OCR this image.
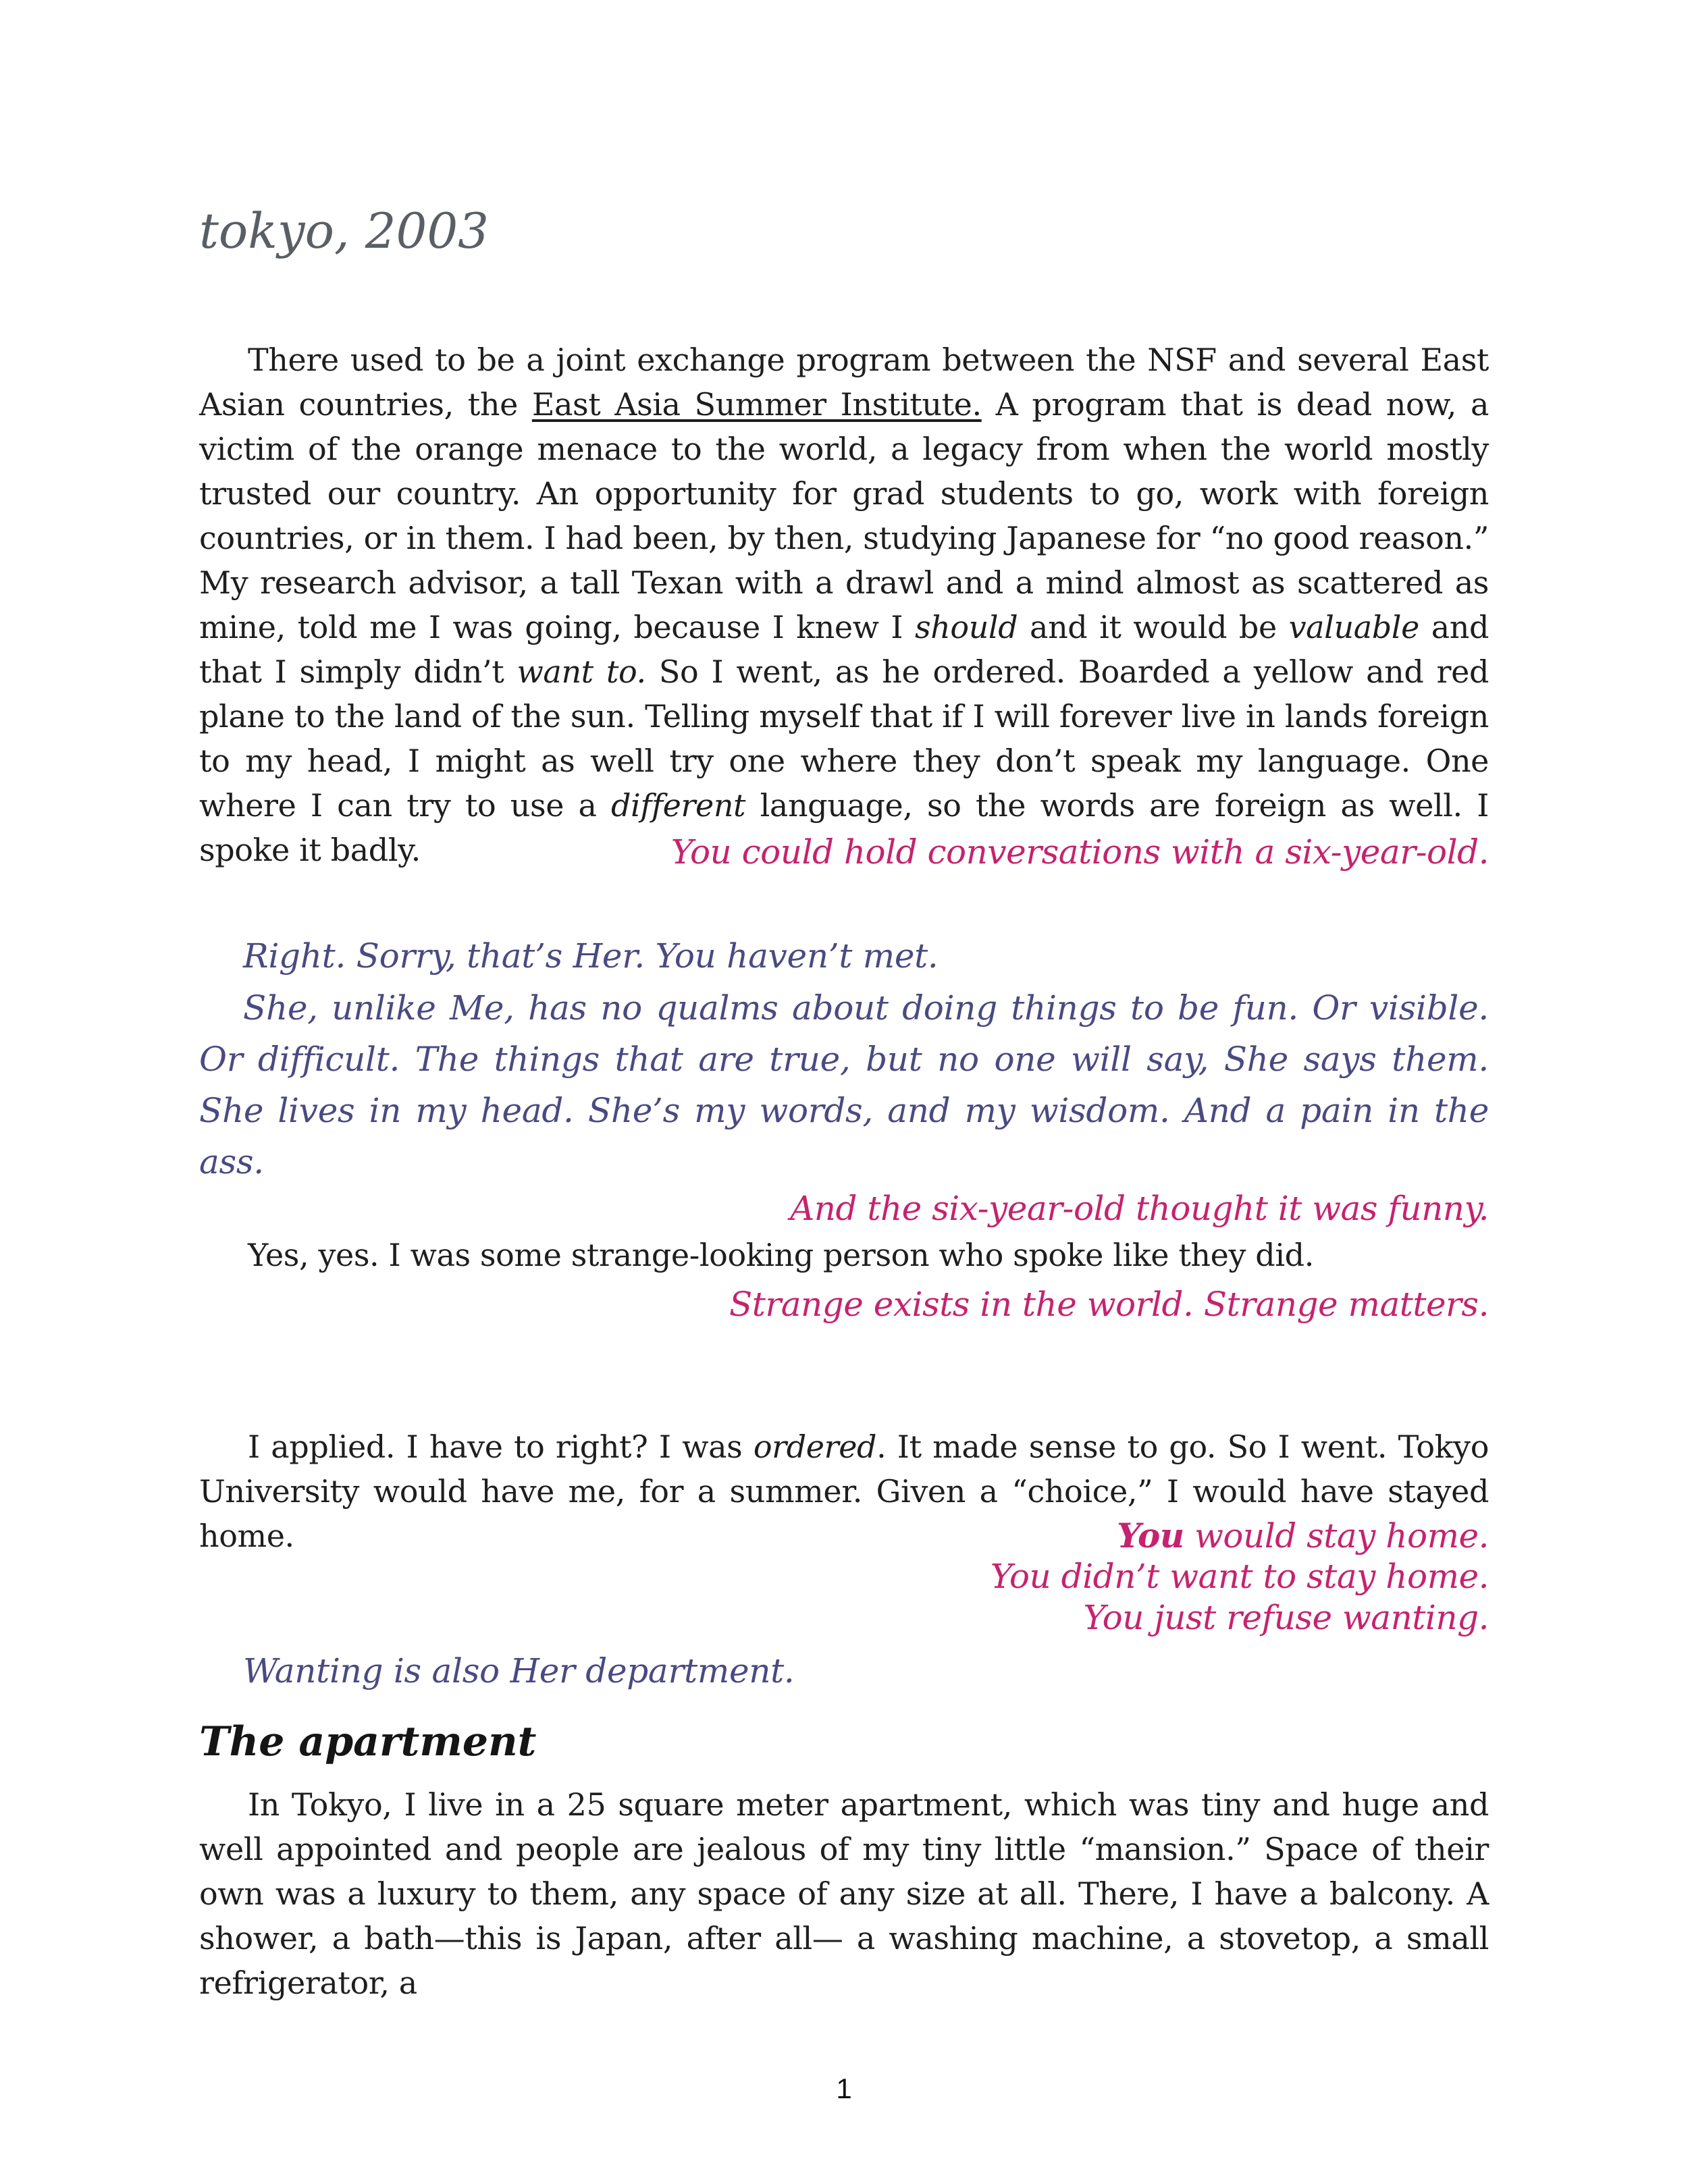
tokyo, 2003

There used to be a joint exchange program between the NSF and several East Asian countries, the East Asia Summer Institute. A program that is dead now, a victim of the orange menace to the world, a legacy from when the world mostly trusted our country. An opportunity for grad students to go, work with foreign countries, or in them. I had been, by then, studying Japanese for “no good reason.” My research advisor, a tall Texan with a drawl and a mind almost as scattered as mine, told me I was going, because I knew I should and it would be valuable and that I simply didn’t want to. So I went, as he ordered. Boarded a yellow and red plane to the land of the sun. Telling myself that if I will forever live in lands foreign to my head, I might as well try one where they don’t speak my language. One where I can try to use a different language, so the words are foreign as well. I spoke it badly.	You could hold conversations with a six-year-old.

Right. Sorry, that’s Her. You haven’t met.

She, unlike Me, has no qualms about doing things to be fun. Or visible. Or difficult. The things that are true, but no one will say, She says them. She lives in my head. She’s my words, and my wisdom. And a pain in the ass.

And the six-year-old thought it was funny.

Yes, yes. I was some strange-looking person who spoke like they did.

Strange exists in the world. Strange matters.

I applied. I have to right? I was ordered. It made sense to go. So I went. Tokyo University would have me, for a summer. Given a “choice,” I would have stayed home.	You would stay home.

You didn’t want to stay home.

You just refuse wanting.

Wanting is also Her department.

The apartment

In Tokyo, I live in a 25 square meter apartment, which was tiny and huge and well appointed and people are jealous of my tiny little “mansion.” Space of their own was a luxury to them, any space of any size at all. There, I have a balcony. A shower, a bath—this is Japan, after all— a washing machine, a stovetop, a small refrigerator, a

1
